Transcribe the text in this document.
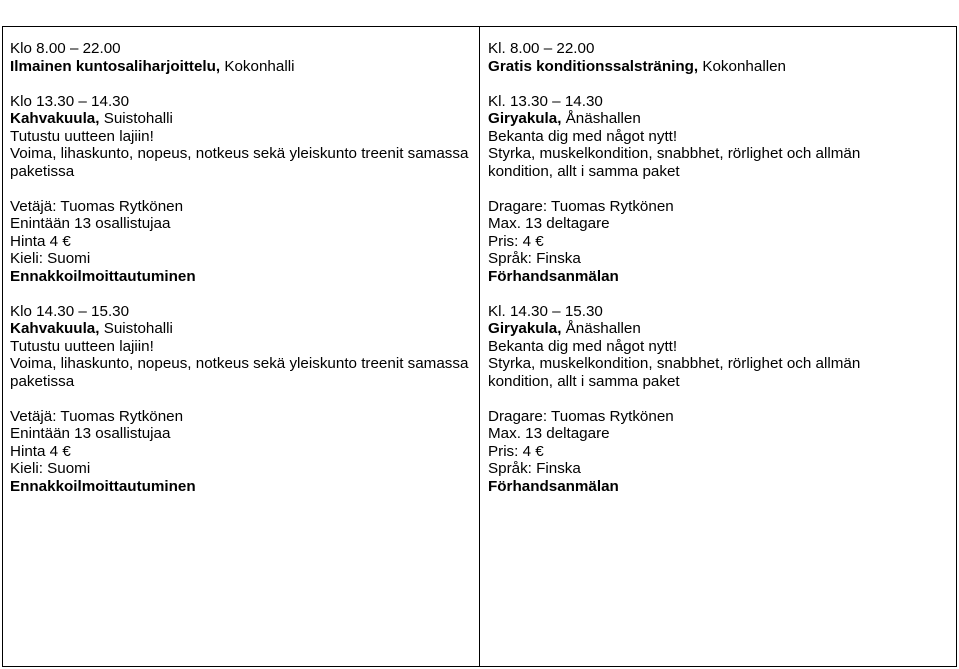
Klo 8.00 – 22.00
Ilmainen kuntosaliharjoittelu, Kokonhalli
Klo 13.30 – 14.30
Kahvakuula, Suistohalli
Tutustu uutteen lajiin!
Voima, lihaskunto, nopeus, notkeus sekä yleiskunto treenit samassa paketissa
Vetäjä: Tuomas Rytkönen
Enintään 13 osallistujaa
Hinta 4 €
Kieli: Suomi
Ennakkoilmoittautuminen
Klo 14.30 – 15.30
Kahvakuula, Suistohalli
Tutustu uutteen lajiin!
Voima, lihaskunto, nopeus, notkeus sekä yleiskunto treenit samassa paketissa
Vetäjä: Tuomas Rytkönen
Enintään 13 osallistujaa
Hinta 4 €
Kieli: Suomi
Ennakkoilmoittautuminen
Kl. 8.00 – 22.00
Gratis konditionssalsträning, Kokonhallen
Kl. 13.30 – 14.30
Giryakula, Ånäshallen
Bekanta dig med något nytt!
Styrka, muskelkondition, snabbhet, rörlighet och allmän kondition, allt i samma paket
Dragare: Tuomas Rytkönen
Max. 13 deltagare
Pris: 4 €
Språk: Finska
Förhandsanmälan
Kl. 14.30 – 15.30
Giryakula, Ånäshallen
Bekanta dig med något nytt!
Styrka, muskelkondition, snabbhet, rörlighet och allmän kondition, allt i samma paket
Dragare: Tuomas Rytkönen
Max. 13 deltagare
Pris: 4 €
Språk: Finska
Förhandsanmälan
